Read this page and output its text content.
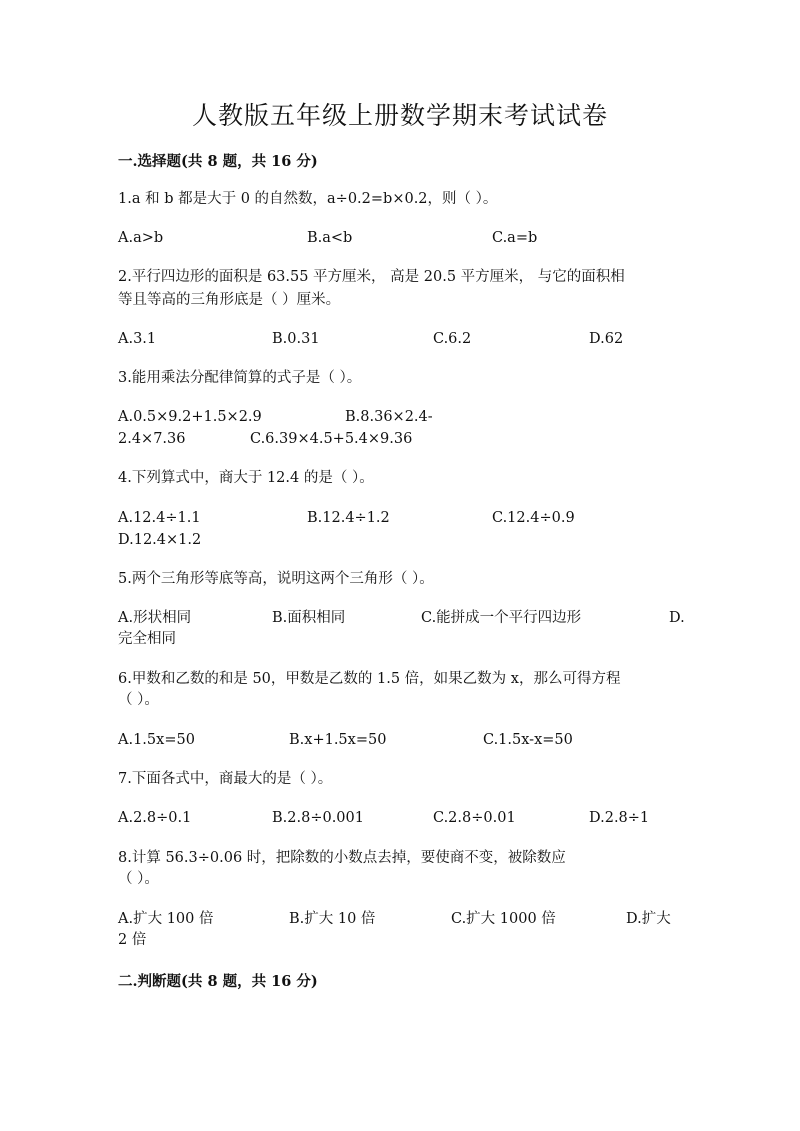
人教版五年级上册数学期末考试试卷
一.选择题(共 8 题，共 16 分)
1.a 和 b 都是大于 0 的自然数，a÷0.2=b×0.2，则（ ）。
A.a>b	B.a<b	C.a=b
2.平行四边形的面积是 63.55 平方厘米， 高是 20.5 平方厘米， 与它的面积相
等且等高的三角形底是（ ）厘米。
A.3.1	B.0.31	C.6.2	D.62
3.能用乘法分配律简算的式子是（ ）。
A.0.5×9.2+1.5×2.9	B.8.36×2.4-
2.4×7.36	C.6.39×4.5+5.4×9.36
4.下列算式中，商大于 12.4 的是（ ）。
A.12.4÷1.1	B.12.4÷1.2	C.12.4÷0.9
D.12.4×1.2
5.两个三角形等底等高，说明这两个三角形（ ）。
A.形状相同	B.面积相同	C.能拼成一个平行四边形	D.
完全相同
6.甲数和乙数的和是 50，甲数是乙数的 1.5 倍，如果乙数为 x，那么可得方程
（ ）。
A.1.5x=50	B.x+1.5x=50	C.1.5x-x=50
7.下面各式中，商最大的是（ ）。
A.2.8÷0.1	B.2.8÷0.001	C.2.8÷0.01	D.2.8÷1
8.计算 56.3÷0.06 时，把除数的小数点去掉，要使商不变，被除数应
（ ）。
A.扩大 100 倍	B.扩大 10 倍	C.扩大 1000 倍	D.扩大
2 倍
二.判断题(共 8 题，共 16 分)
